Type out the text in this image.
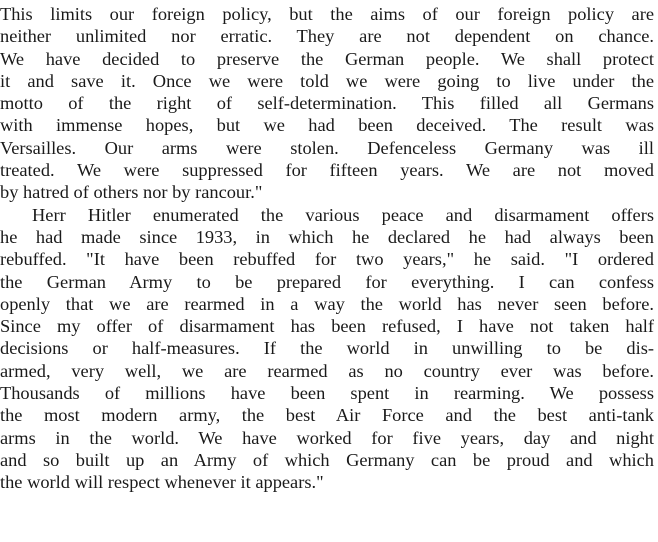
This limits our foreign policy, but the aims of our foreign policy are
neither unlimited nor erratic. They are not dependent on chance.
We have decided to preserve the German people. We shall protect
it and save it. Once we were told we were going to live under the
motto of the right of self-determination. This filled all Germans
with immense hopes, but we had been deceived. The result was
Versailles. Our arms were stolen. Defenceless Germany was ill
treated. We were suppressed for fifteen years. We are not moved
by hatred of others nor by rancour."
Herr Hitler enumerated the various peace and disarmament offers
he had made since 1933, in which he declared he had always been
rebuffed. "It have been rebuffed for two years," he said. "I ordered
the German Army to be prepared for everything. I can confess
openly that we are rearmed in a way the world has never seen before.
Since my offer of disarmament has been refused, I have not taken half
decisions or half-measures. If the world in unwilling to be dis-
armed, very well, we are rearmed as no country ever was before.
Thousands of millions have been spent in rearming. We possess
the most modern army, the best Air Force and the best anti-tank
arms in the world. We have worked for five years, day and night
and so built up an Army of which Germany can be proud and which
the world will respect whenever it appears."
